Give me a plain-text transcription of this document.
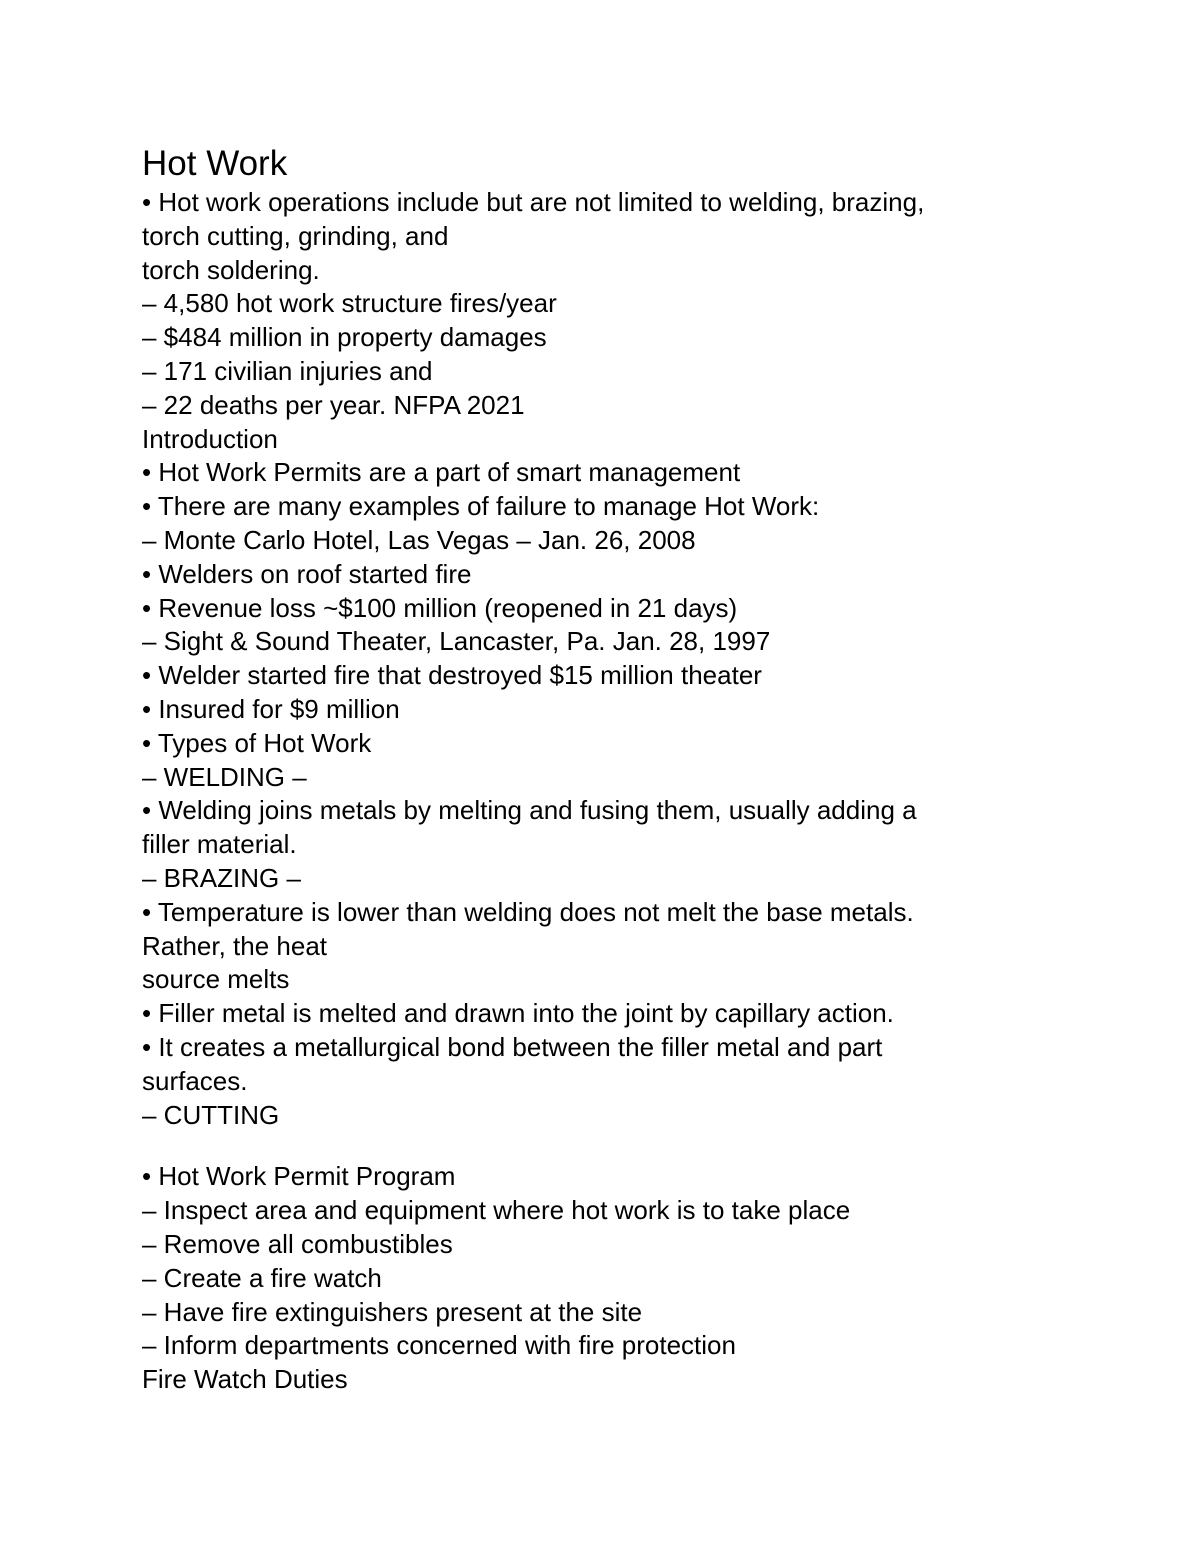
Hot Work
• Hot work operations include but are not limited to welding, brazing,
torch cutting, grinding, and
torch soldering.
– 4,580 hot work structure fires/year
– $484 million in property damages
– 171 civilian injuries and
– 22 deaths per year. NFPA 2021
Introduction
• Hot Work Permits are a part of smart management
• There are many examples of failure to manage Hot Work:
– Monte Carlo Hotel, Las Vegas – Jan. 26, 2008
• Welders on roof started fire
• Revenue loss ~$100 million (reopened in 21 days)
– Sight & Sound Theater, Lancaster, Pa. Jan. 28, 1997
• Welder started fire that destroyed $15 million theater
• Insured for $9 million
• Types of Hot Work
– WELDING –
• Welding joins metals by melting and fusing them, usually adding a
filler material.
– BRAZING –
• Temperature is lower than welding does not melt the base metals.
Rather, the heat
source melts
• Filler metal is melted and drawn into the joint by capillary action.
• It creates a metallurgical bond between the filler metal and part
surfaces.
– CUTTING
• Hot Work Permit Program
– Inspect area and equipment where hot work is to take place
– Remove all combustibles
– Create a fire watch
– Have fire extinguishers present at the site
– Inform departments concerned with fire protection
Fire Watch Duties
